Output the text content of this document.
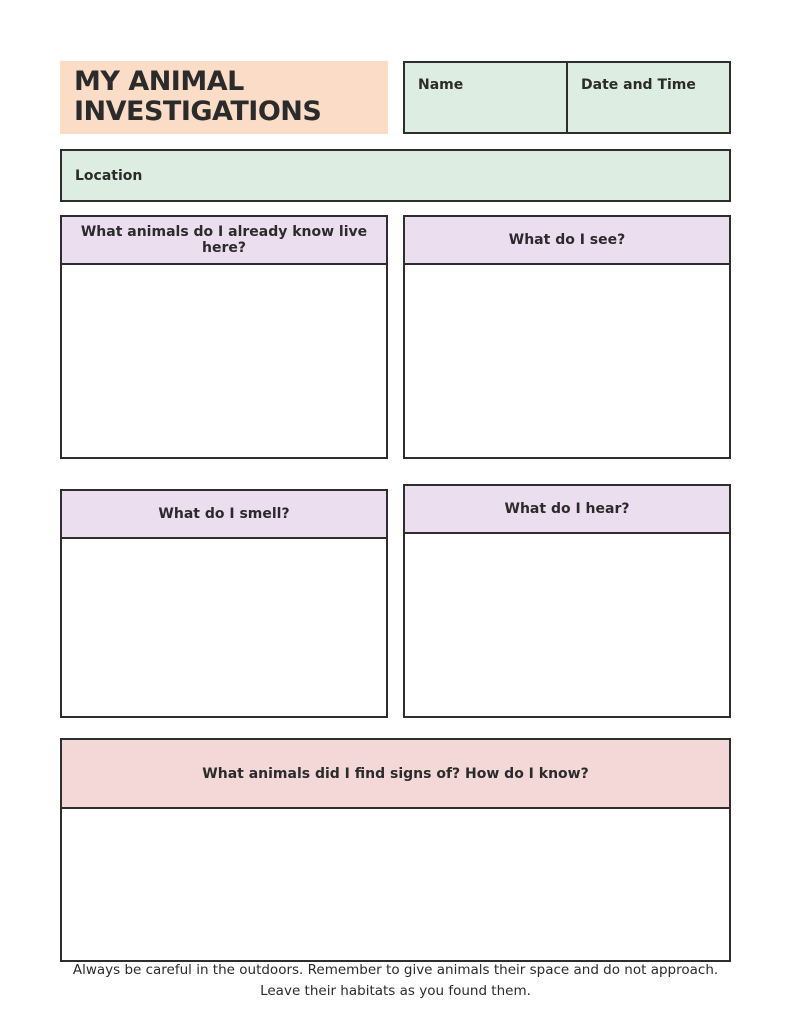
MY ANIMAL
INVESTIGATIONS
Name	Date and Time
Location
What animals do I already know live here?	What do I see?
What do I smell?	What do I hear?
What animals did I find signs of? How do I know?
Always be careful in the outdoors. Remember to give animals their space and do not approach.
Leave their habitats as you found them.
